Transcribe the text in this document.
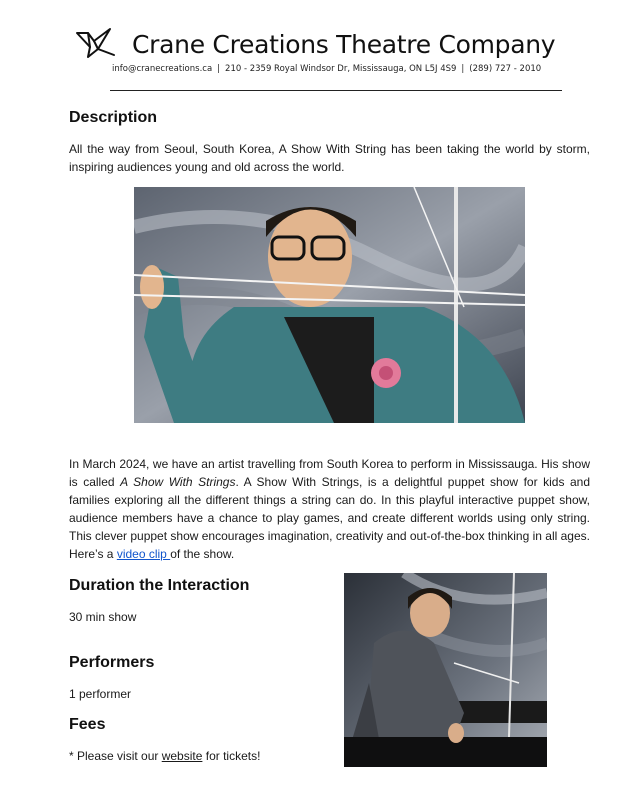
Crane Creations Theatre Company
info@cranecreations.ca | 210 - 2359 Royal Windsor Dr, Mississauga, ON L5J 4S9 | (289) 727 - 2010
Description

All the way from Seoul, South Korea, A Show With String has been taking the world by storm, inspiring audiences young and old across the world.

In March 2024, we have an artist travelling from South Korea to perform in Mississauga. His show is called A Show With Strings. A Show With Strings, is a delightful puppet show for kids and families exploring all the different things a string can do. In this playful interactive puppet show, audience members have a chance to play games, and create different worlds using only string. This clever puppet show encourages imagination, creativity and out-of-the-box thinking in all ages. Here’s a video clip of the show.

Duration the Interaction
30 min show
Performers
1 performer
Fees
* Please visit our website for tickets!
